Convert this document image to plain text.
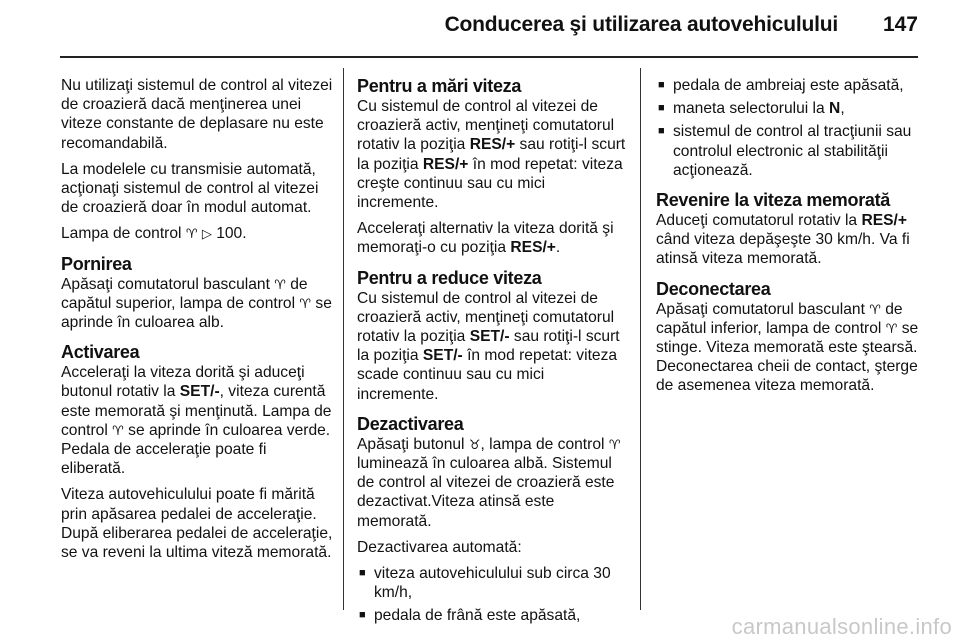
Conducerea şi utilizarea autovehiculului 147

Nu utilizaţi sistemul de control al vitezei de croazieră dacă menţinerea unei viteze constante de deplasare nu este recomandabilă.

La modelele cu transmisie automată, acţionaţi sistemul de control al vitezei de croazieră doar în modul automat.

Lampa de control ♈ ▷ 100.

Pornirea

Apăsaţi comutatorul basculant ♈ de capătul superior, lampa de control ♈ se aprinde în culoarea alb.

Activarea

Acceleraţi la viteza dorită şi aduceţi butonul rotativ la SET/-, viteza curentă este memorată şi menţinută. Lampa de control ♈ se aprinde în culoarea verde. Pedala de acceleraţie poate fi eliberată.

Viteza autovehiculului poate fi mărită prin apăsarea pedalei de acceleraţie. După eliberarea pedalei de acceleraţie, se va reveni la ultima viteză memorată.

Pentru a mări viteza

Cu sistemul de control al vitezei de croazieră activ, menţineţi comutatorul rotativ la poziţia RES/+ sau rotiţi-l scurt la poziţia RES/+ în mod repetat: viteza creşte continuu sau cu mici incremente.

Acceleraţi alternativ la viteza dorită şi memoraţi-o cu poziţia RES/+.

Pentru a reduce viteza

Cu sistemul de control al vitezei de croazieră activ, menţineţi comutatorul rotativ la poziţia SET/- sau rotiţi-l scurt la poziţia SET/- în mod repetat: viteza scade continuu sau cu mici incremente.

Dezactivarea

Apăsaţi butonul ♉, lampa de control ♈ luminează în culoarea albă. Sistemul de control al vitezei de croazieră este dezactivat.Viteza atinsă este memorată.

Dezactivarea automată:

■ viteza autovehiculului sub circa 30 km/h,
■ pedala de frână este apăsată,
■ pedala de ambreiaj este apăsată,
■ maneta selectorului la N,
■ sistemul de control al tracţiunii sau controlul electronic al stabilităţii acţionează.
Revenire la viteza memorată

Aduceţi comutatorul rotativ la RES/+ când viteza depăşeşte 30 km/h. Va fi atinsă viteza memorată.

Deconectarea

Apăsaţi comutatorul basculant ♈ de capătul inferior, lampa de control ♈ se stinge. Viteza memorată este ştearsă. Deconectarea cheii de contact, şterge de asemenea viteza memorată.

carmanualsonline.info
